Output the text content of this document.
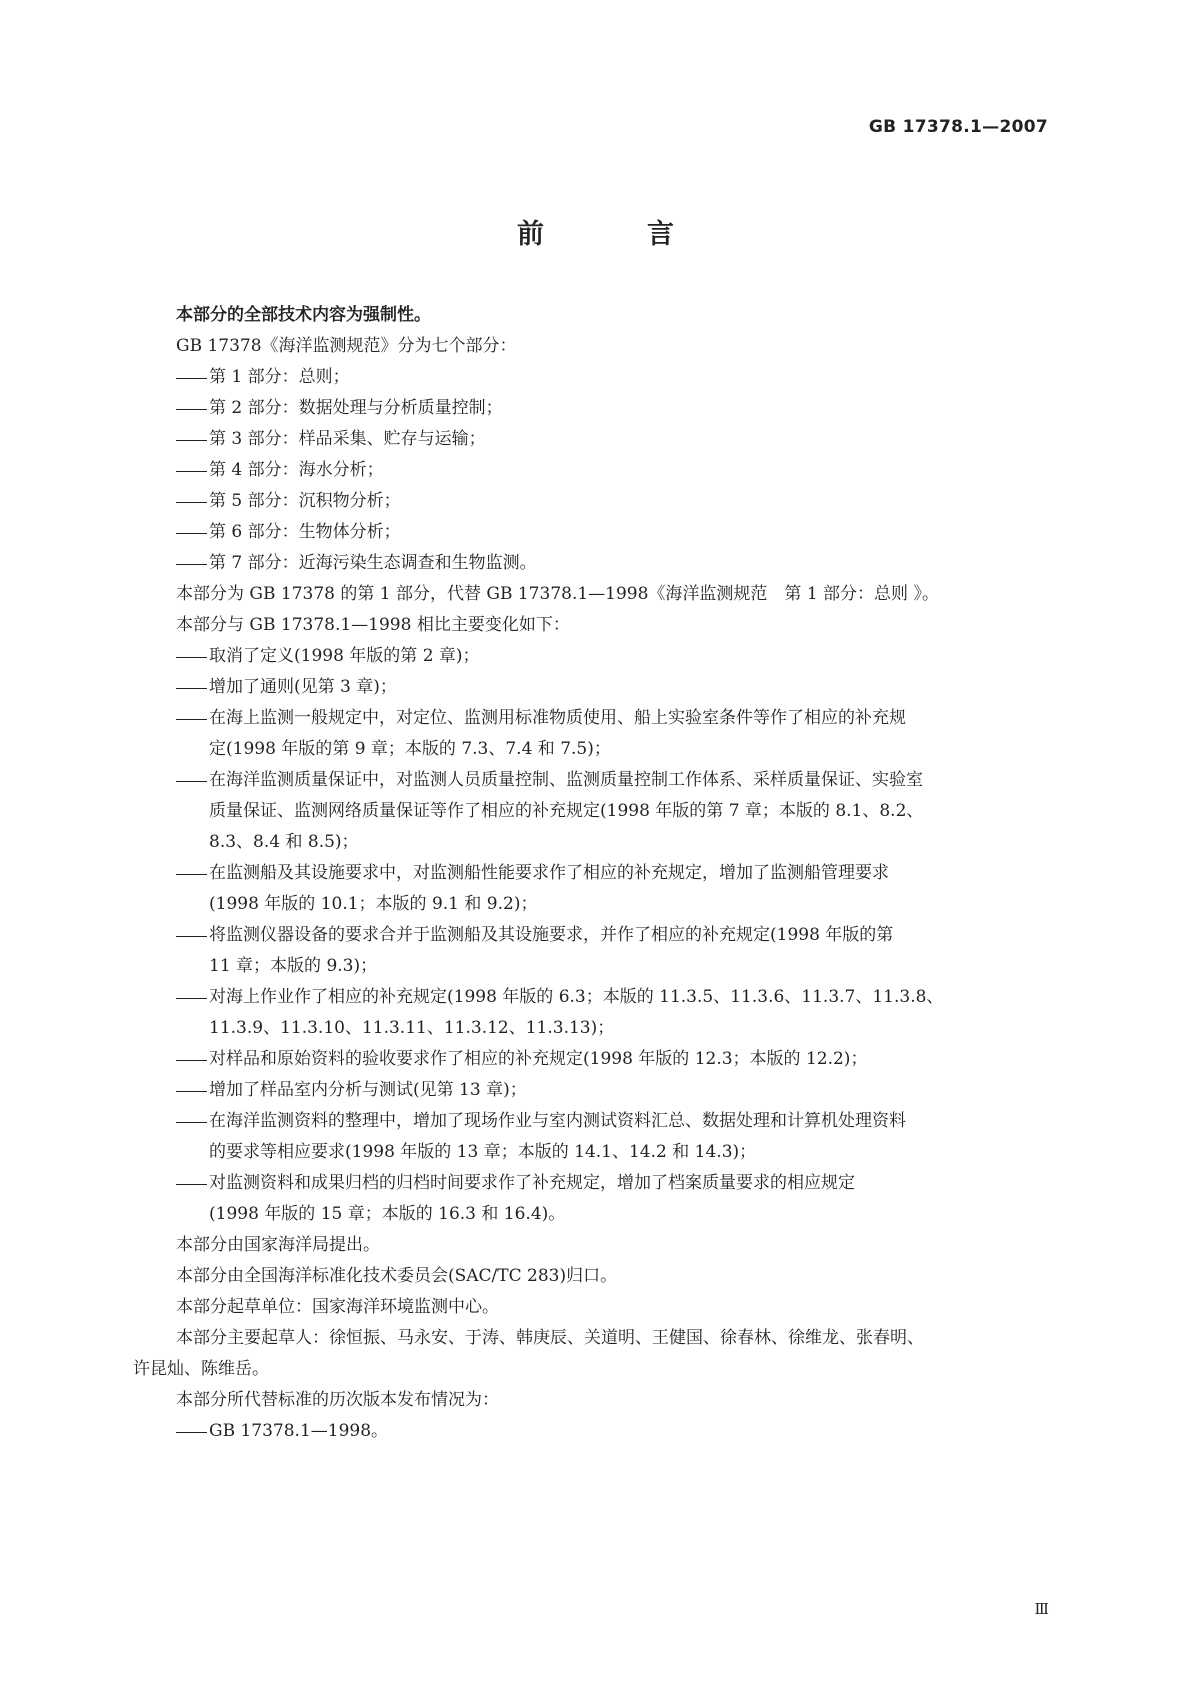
GB 17378.1—2007
前　言
本部分的全部技术内容为强制性。
GB 17378《海洋监测规范》分为七个部分：
第 1 部分：总则；
第 2 部分：数据处理与分析质量控制；
第 3 部分：样品采集、贮存与运输；
第 4 部分：海水分析；
第 5 部分：沉积物分析；
第 6 部分：生物体分析；
第 7 部分：近海污染生态调查和生物监测。
本部分为 GB 17378 的第 1 部分，代替 GB 17378.1—1998《海洋监测规范　第 1 部分：总则 》。
本部分与 GB 17378.1—1998 相比主要变化如下：
取消了定义(1998 年版的第 2 章)；
增加了通则(见第 3 章)；
在海上监测一般规定中，对定位、监测用标准物质使用、船上实验室条件等作了相应的补充规
定(1998 年版的第 9 章；本版的 7.3、7.4 和 7.5)；
在海洋监测质量保证中，对监测人员质量控制、监测质量控制工作体系、采样质量保证、实验室
质量保证、监测网络质量保证等作了相应的补充规定(1998 年版的第 7 章；本版的 8.1、8.2、
8.3、8.4 和 8.5)；
在监测船及其设施要求中，对监测船性能要求作了相应的补充规定，增加了监测船管理要求
(1998 年版的 10.1；本版的 9.1 和 9.2)；
将监测仪器设备的要求合并于监测船及其设施要求，并作了相应的补充规定(1998 年版的第
11 章；本版的 9.3)；
对海上作业作了相应的补充规定(1998 年版的 6.3；本版的 11.3.5、11.3.6、11.3.7、11.3.8、
11.3.9、11.3.10、11.3.11、11.3.12、11.3.13)；
对样品和原始资料的验收要求作了相应的补充规定(1998 年版的 12.3；本版的 12.2)；
增加了样品室内分析与测试(见第 13 章)；
在海洋监测资料的整理中，增加了现场作业与室内测试资料汇总、数据处理和计算机处理资料
的要求等相应要求(1998 年版的 13 章；本版的 14.1、14.2 和 14.3)；
对监测资料和成果归档的归档时间要求作了补充规定，增加了档案质量要求的相应规定
(1998 年版的 15 章；本版的 16.3 和 16.4)。
本部分由国家海洋局提出。
本部分由全国海洋标准化技术委员会(SAC/TC 283)归口。
本部分起草单位：国家海洋环境监测中心。
本部分主要起草人：徐恒振、马永安、于涛、韩庚辰、关道明、王健国、徐春林、徐维龙、张春明、
许昆灿、陈维岳。
本部分所代替标准的历次版本发布情况为：
GB 17378.1—1998。
Ⅲ
